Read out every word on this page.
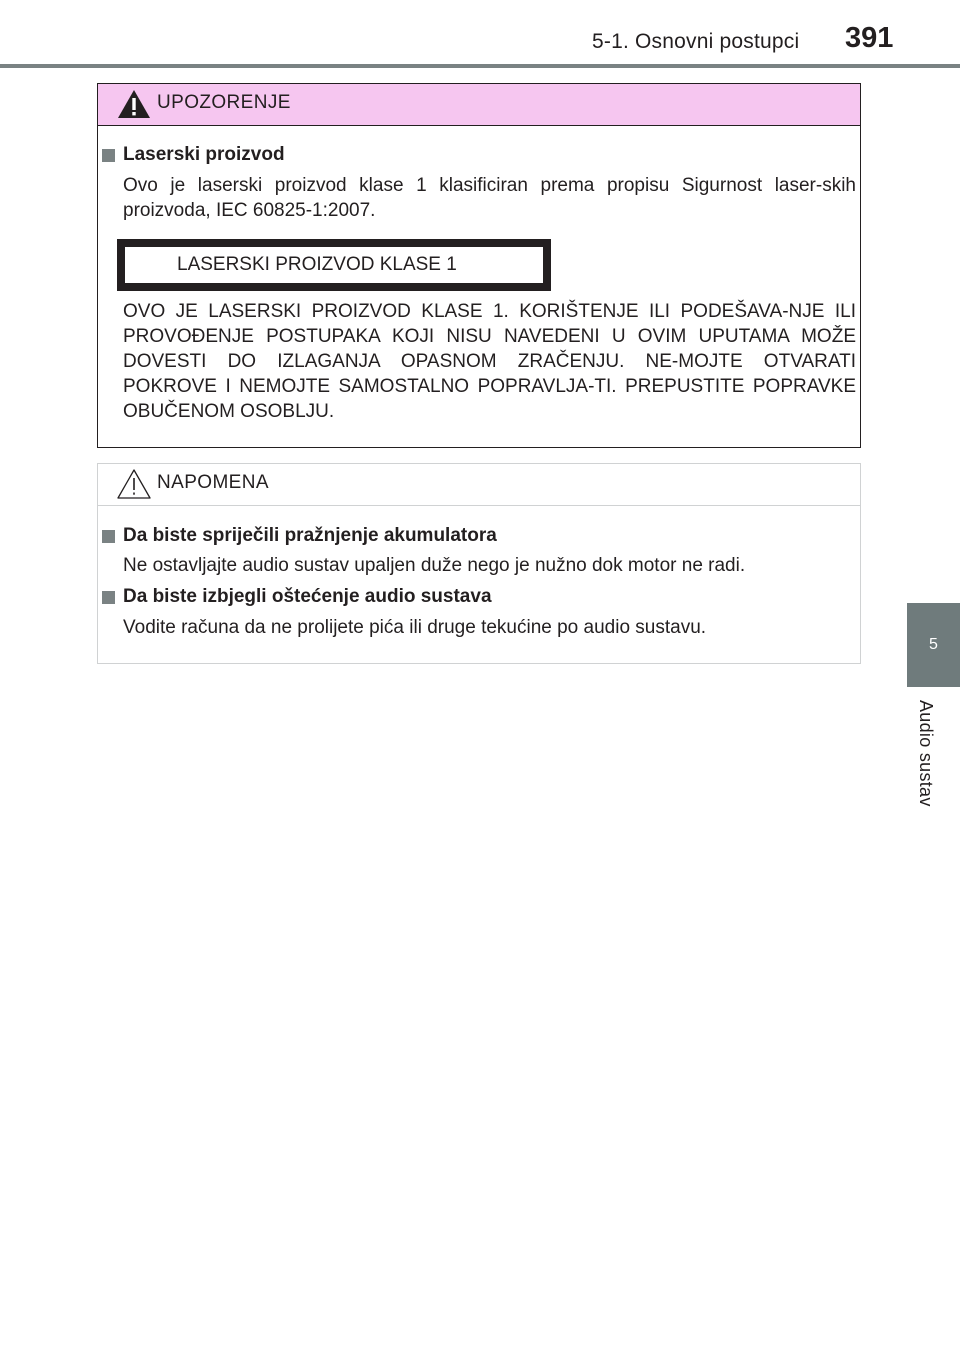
5-1. Osnovni postupci 391
5
Audio sustav
UPOZORENJE
Laserski proizvod
Ovo je laserski proizvod klase 1 klasificiran prema propisu Sigurnost laser-skih proizvoda, IEC 60825-1:2007.
LASERSKI PROIZVOD KLASE 1
OVO JE LASERSKI PROIZVOD KLASE 1. KORIŠTENJE ILI PODEŠAVA-NJE ILI PROVOĐENJE POSTUPAKA KOJI NISU NAVEDENI U OVIM UPUTAMA MOŽE DOVESTI DO IZLAGANJA OPASNOM ZRAČENJU. NE-MOJTE OTVARATI POKROVE I NEMOJTE SAMOSTALNO POPRAVLJA-TI. PREPUSTITE POPRAVKE OBUČENOM OSOBLJU.
NAPOMENA
Da biste spriječili pražnjenje akumulatora
Ne ostavljajte audio sustav upaljen duže nego je nužno dok motor ne radi.
Da biste izbjegli oštećenje audio sustava
Vodite računa da ne prolijete pića ili druge tekućine po audio sustavu.
